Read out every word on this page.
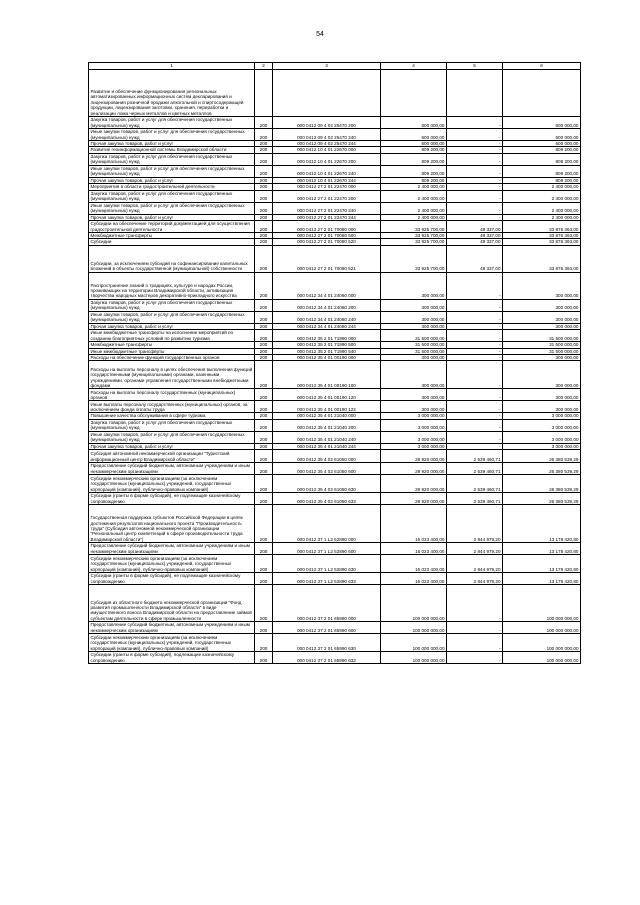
54
1	2	3	4	5	6
Развитие и обеспечение функционирования региональных автоматизированных информационных систем декларирования и лицензирования розничной продажи алкогольной и спиртосодержащей продукции, лицензирования заготовки, хранения, переработки и реализации лома черных металлов и цветных металлов					
Закупка товаров, работ и услуг для обеспечения государственных (муниципальных) нужд	200	000 0412 09 4 02 25470 200	600 000,00	-	600 000,00
Иные закупки товаров, работ и услуг для обеспечения государственных (муниципальных) нужд	200	000 0412 09 4 02 25470 240	600 000,00	-	600 000,00
Прочая закупка товаров, работ и услуг	200	000 0412 09 4 02 25470 244	600 000,00	-	600 000,00
Развитие геоинформационной системы Владимирской области	200	000 0412 10 4 01 22670 000	809 200,00	-	809 200,00
Закупка товаров, работ и услуг для обеспечения государственных (муниципальных) нужд	200	000 0412 10 4 01 22670 200	809 200,00	-	809 200,00
Иные закупки товаров, работ и услуг для обеспечения государственных (муниципальных) нужд	200	000 0412 10 4 01 22670 240	809 200,00	-	809 200,00
Прочая закупка товаров, работ и услуг	200	000 0412 10 4 01 22670 244	809 200,00	-	809 200,00
Мероприятия в области градостроительной деятельности	200	000 0412 27 2 01 22470 000	2 400 000,00	-	2 400 000,00
Закупка товаров, работ и услуг для обеспечения государственных (муниципальных) нужд	200	000 0412 27 2 01 22470 200	2 400 000,00	-	2 400 000,00
Иные закупки товаров, работ и услуг для обеспечения государственных (муниципальных) нужд	200	000 0412 27 2 01 22470 240	2 400 000,00	-	2 400 000,00
Прочая закупка товаров, работ и услуг	200	000 0412 27 2 01 22470 244	2 400 000,00	-	2 400 000,00
Субсидии на обеспечение территорий документацией для осуществления градостроительной деятельности	200	000 0412 27 2 01 70080 000	33 925 700,00	49 337,00	33 876 363,00
Межбюджетные трансферты	200	000 0412 27 2 01 70080 500	33 925 700,00	49 337,00	33 876 363,00
Субсидии	200	000 0412 27 2 01 70080 520	33 925 700,00	49 337,00	33 876 363,00
Субсидии, за исключением субсидий на софинансирование капитальных вложений в объекты государственной (муниципальной) собственности	200	000 0412 27 2 01 70080 521	33 925 700,00	49 337,00	33 876 363,00
Распространение знаний о традициях, культуре и народах России, проживающих на территории Владимирской области, активизация творчества народных мастеров декоративно-прикладного искусства	200	000 0412 34 4 01 24060 000	300 000,00	-	300 000,00
Закупка товаров, работ и услуг для обеспечения государственных (муниципальных) нужд	200	000 0412 34 4 01 24060 200	300 000,00	-	300 000,00
Иные закупки товаров, работ и услуг для обеспечения государственных (муниципальных) нужд	200	000 0412 34 4 01 24060 240	300 000,00	-	300 000,00
Прочая закупка товаров, работ и услуг	200	000 0412 34 4 01 24060 244	300 000,00	-	300 000,00
Иные межбюджетные трансферты на исполнение мероприятий по созданию благоприятных условий по развитию туризма	200	000 0412 35 2 01 71990 000	31 500 000,00	-	31 500 000,00
Межбюджетные трансферты	200	000 0412 35 2 01 71990 500	31 500 000,00	-	31 500 000,00
Иные межбюджетные трансферты	200	000 0412 35 2 01 71990 540	31 500 000,00	-	31 500 000,00
Расходы на обеспечение функций государственных органов	200	000 0412 35 4 01 00190 000	300 000,00	-	300 000,00
Расходы на выплаты персоналу в целях обеспечения выполнения функций государственными (муниципальными) органами, казенными учреждениями, органами управления государственными внебюджетными фондами	200	000 0412 35 4 01 00190 100	300 000,00	-	300 000,00
Расходы на выплаты персоналу государственных (муниципальных) органов	200	000 0412 35 4 01 00190 120	300 000,00	-	300 000,00
Иные выплаты персоналу государственных (муниципальных) органов, за исключением фонда оплаты труда	200	000 0412 35 4 01 00190 122	300 000,00	-	300 000,00
Повышение качества обслуживания в сфере туризма	200	000 0412 35 4 01 21040 000	3 000 000,00	-	3 000 000,00
Закупка товаров, работ и услуг для обеспечения государственных (муниципальных) нужд	200	000 0412 35 4 01 21040 200	3 000 000,00	-	3 000 000,00
Иные закупки товаров, работ и услуг для обеспечения государственных (муниципальных) нужд	200	000 0412 35 4 01 21040 240	3 000 000,00	-	3 000 000,00
Прочая закупка товаров, работ и услуг	200	000 0412 35 4 01 21040 244	3 000 000,00	-	3 000 000,00
Субсидия автономной некоммерческой организации "Туристский информационный центр Владимирской области"	200	000 0412 35 4 02 61050 000	28 920 000,00	2 539 460,71	26 380 539,29
Предоставление субсидий бюджетным, автономным учреждениям и иным некоммерческим организациям	200	000 0412 35 4 02 61050 600	28 920 000,00	2 539 460,71	26 380 539,29
Субсидии некоммерческим организациям (за исключением государственных (муниципальных) учреждений, государственных корпораций (компаний), публично-правовых компаний)	200	000 0412 35 4 02 61050 630	28 920 000,00	2 539 460,71	26 380 539,29
Субсидии (гранты в форме субсидий), не подлежащие казначейскому сопровождению	200	000 0412 35 4 02 61050 633	28 920 000,00	2 539 460,71	26 380 539,29
Государственная поддержка субъектов Российской Федерации в целях достижения результатов национального проекта "Производительность труда" (Субсидия автономной некоммерческой организации "Региональный центр компетенций в сфере производительности труда Владимирской области")	200	000 0412 37 1 L2 52890 000	16 023 400,00	2 844 979,20	13 178 420,80
Предоставление субсидий бюджетным, автономным учреждениям и иным некоммерческим организациям	200	000 0412 37 1 L2 52890 600	16 023 400,00	2 844 979,20	13 178 420,80
Субсидии некоммерческим организациям (за исключением государственных (муниципальных) учреждений, государственных корпораций (компаний), публично-правовых компаний)	200	000 0412 37 1 L2 52890 630	16 023 400,00	2 844 979,20	13 178 420,80
Субсидии (гранты в форме субсидий), не подлежащие казначейскому сопровождению	200	000 0412 37 1 L2 52890 633	16 023 400,00	2 844 979,20	13 178 420,80
Субсидия из областного бюджета некоммерческой организации "Фонд развития промышленности Владимирской области" в виде имущественного взноса Владимирской области на предоставление займов субъектам деятельности в сфере промышленности	200	000 0412 37 2 01 65990 000	100 000 000,00	-	100 000 000,00
Предоставление субсидий бюджетным, автономным учреждениям и иным некоммерческим организациям	200	000 0412 37 2 01 65990 600	100 000 000,00	-	100 000 000,00
Субсидии некоммерческим организациям (за исключением государственных (муниципальных) учреждений, государственных корпораций (компаний), публично-правовых компаний)	200	000 0412 37 2 01 65990 630	100 000 000,00	-	100 000 000,00
Субсидии (гранты в форме субсидий), подлежащие казначейскому сопровождению	200	000 0412 37 2 01 65990 632	100 000 000,00	-	100 000 000,00
